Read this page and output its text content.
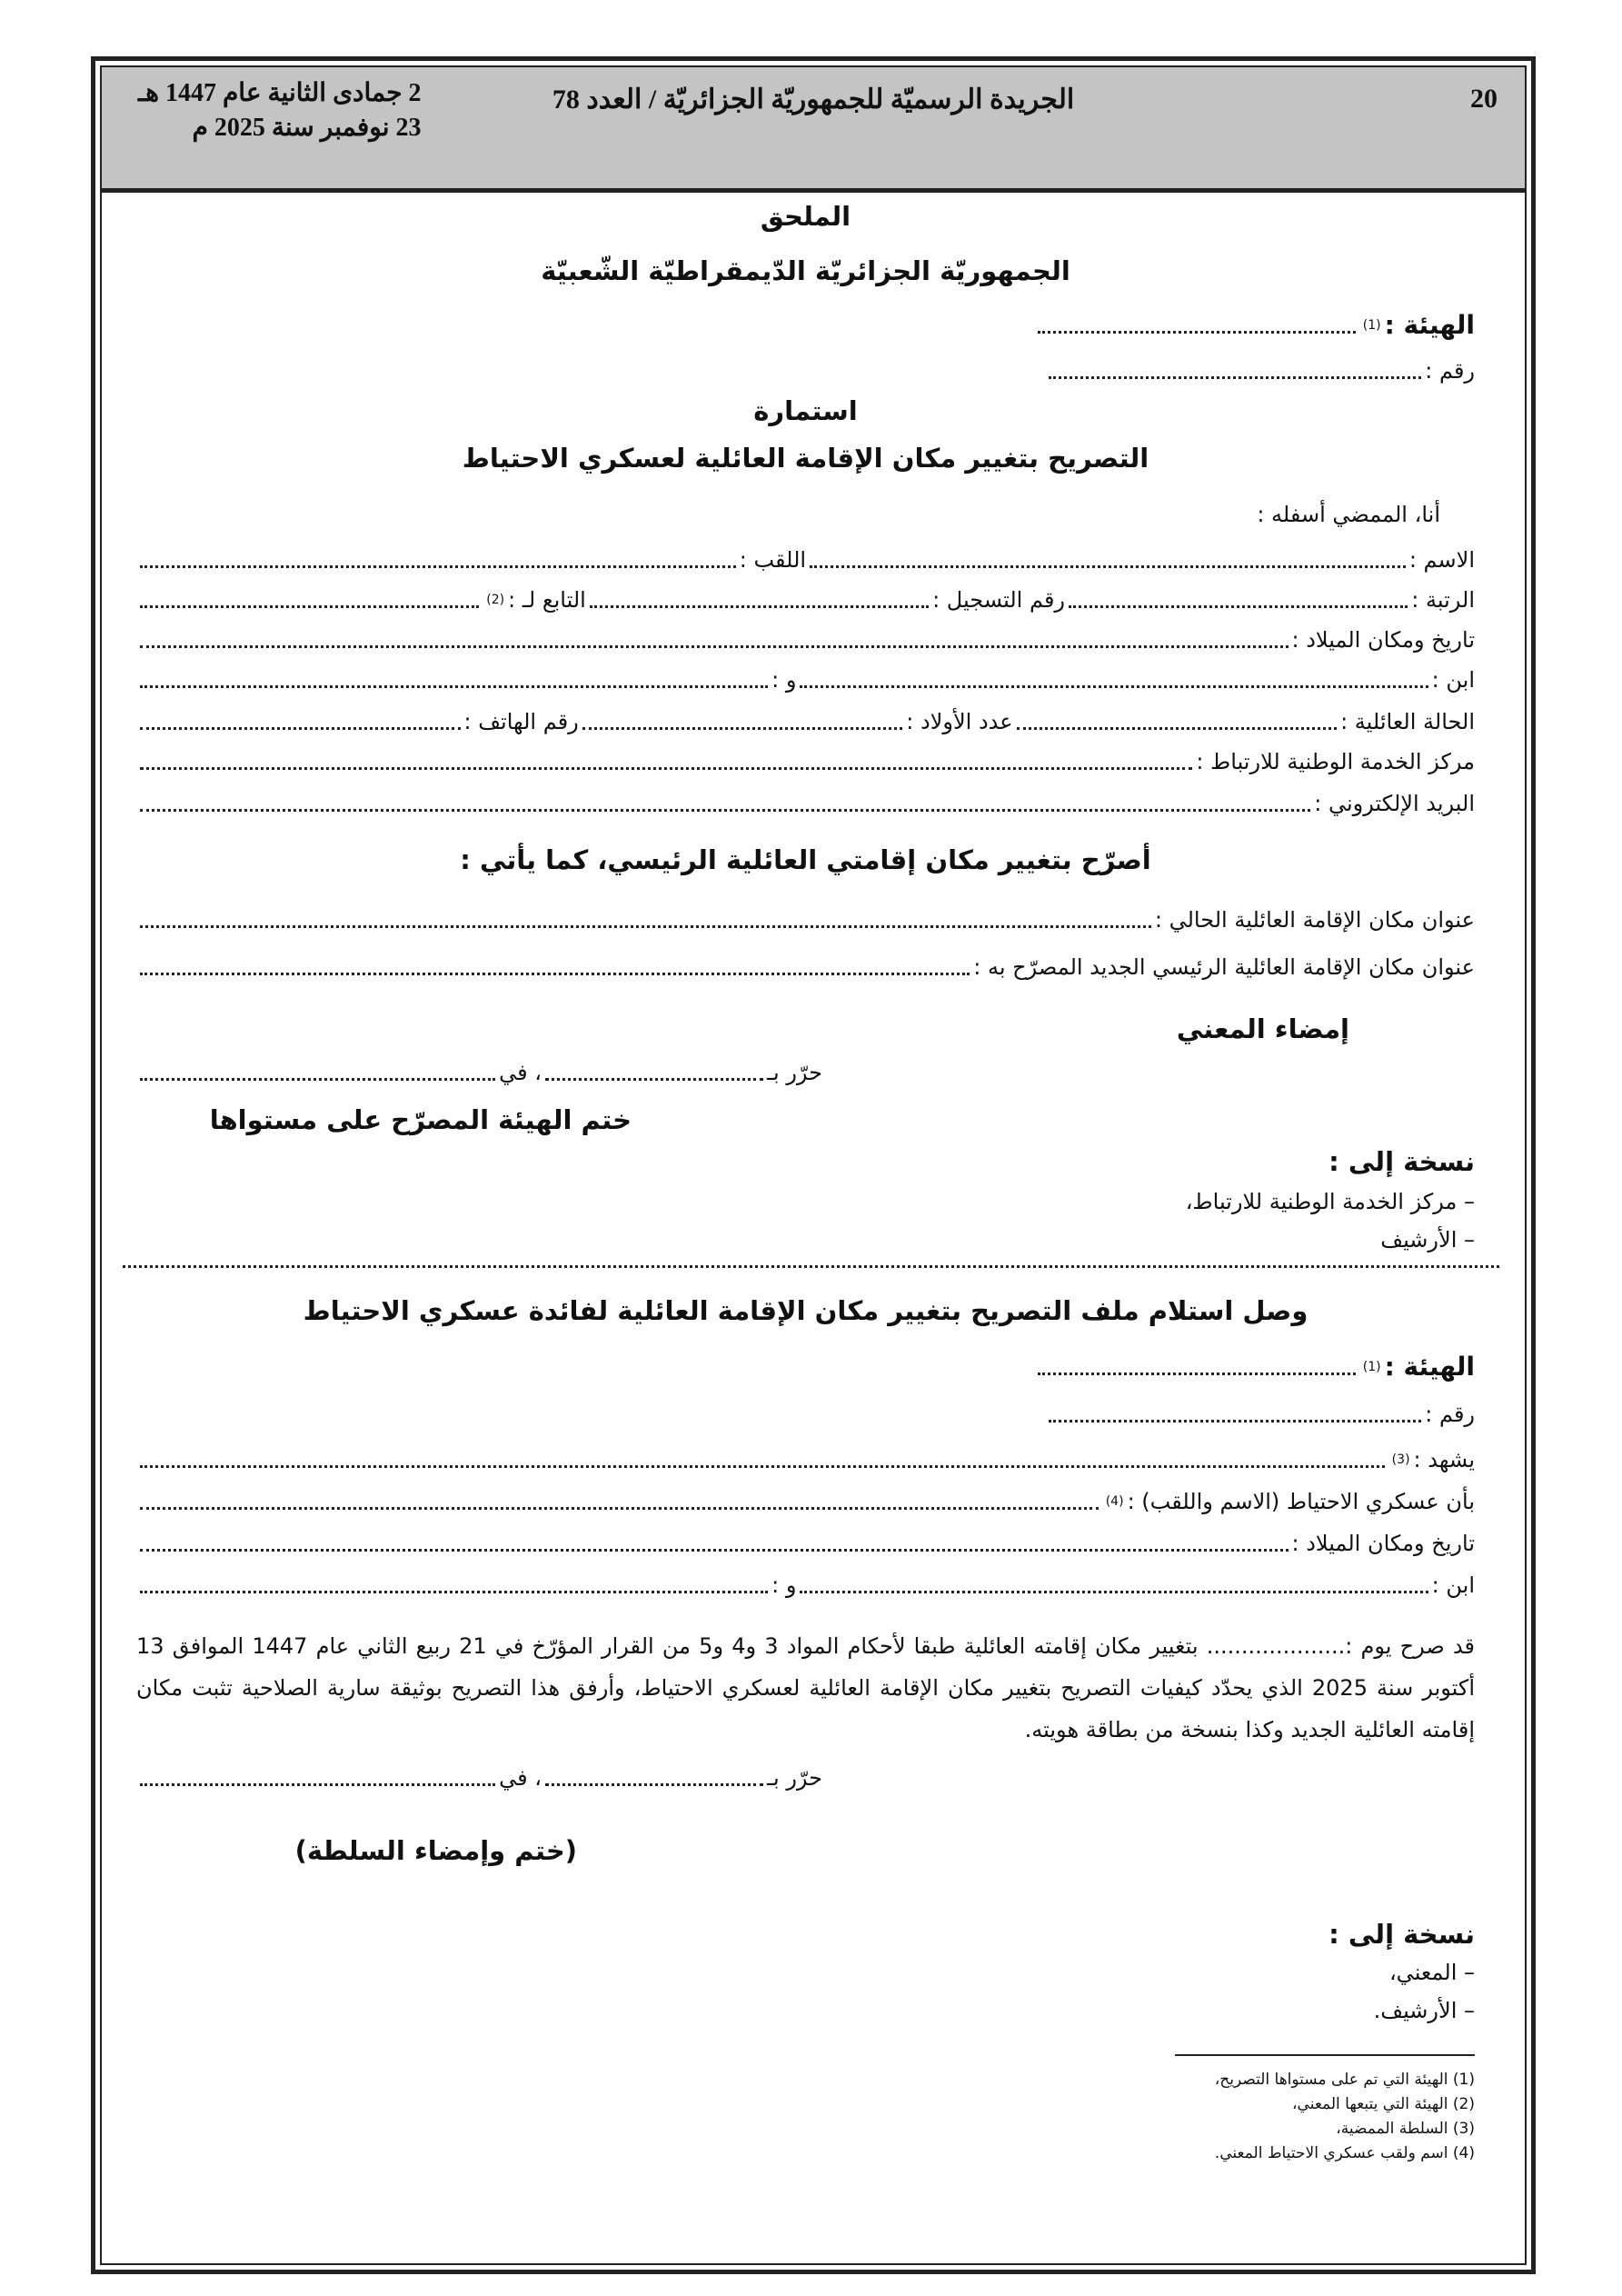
20
الجريدة الرسميّة للجمهوريّة الجزائريّة / العدد 78
2 جمادى الثانية عام 1447 هـ
23 نوفمبر سنة 2025 م
الملحق
الجمهوريّة الجزائريّة الدّيمقراطيّة الشّعبيّة
الهيئة :
(1)
رقم :
استمارة
التصريح بتغيير مكان الإقامة العائلية لعسكري الاحتياط
أنا، الممضي أسفله :
الاسم :
اللقب :
الرتبة :
رقم التسجيل :
التابع لـ :
(2)
تاريخ ومكان الميلاد :
ابن :
و :
الحالة العائلية :
عدد الأولاد :
رقم الهاتف :
مركز الخدمة الوطنية للارتباط :
البريد الإلكتروني :
أصرّح بتغيير مكان إقامتي العائلية الرئيسي، كما يأتي :
عنوان مكان الإقامة العائلية الحالي :
عنوان مكان الإقامة العائلية الرئيسي الجديد المصرّح به :
إمضاء المعني
حرّر بـ
، في
ختم الهيئة المصرّح على مستواها
نسخة إلى :
– مركز الخدمة الوطنية للارتباط،
– الأرشيف
وصل استلام ملف التصريح بتغيير مكان الإقامة العائلية لفائدة عسكري الاحتياط
الهيئة :
(1)
رقم :
يشهد :
(3)
بأن عسكري الاحتياط (الاسم واللقب) :
(4)
تاريخ ومكان الميلاد :
ابن :
و :
قد صرح يوم :.................... بتغيير مكان إقامته العائلية طبقا لأحكام المواد 3 و4 و5 من القرار المؤرّخ في 21 ربيع الثاني عام 1447 الموافق 13 أكتوبر سنة 2025 الذي يحدّد كيفيات التصريح بتغيير مكان الإقامة العائلية لعسكري الاحتياط، وأرفق هذا التصريح بوثيقة سارية الصلاحية تثبت مكان إقامته العائلية الجديد وكذا بنسخة من بطاقة هويته.
حرّر بـ
، في
(ختم وإمضاء السلطة)
نسخة إلى :
– المعني،
– الأرشيف.
(1) الهيئة التي تم على مستواها التصريح،
(2) الهيئة التي يتبعها المعني،
(3) السلطة الممضية،
(4) اسم ولقب عسكري الاحتياط المعني.
